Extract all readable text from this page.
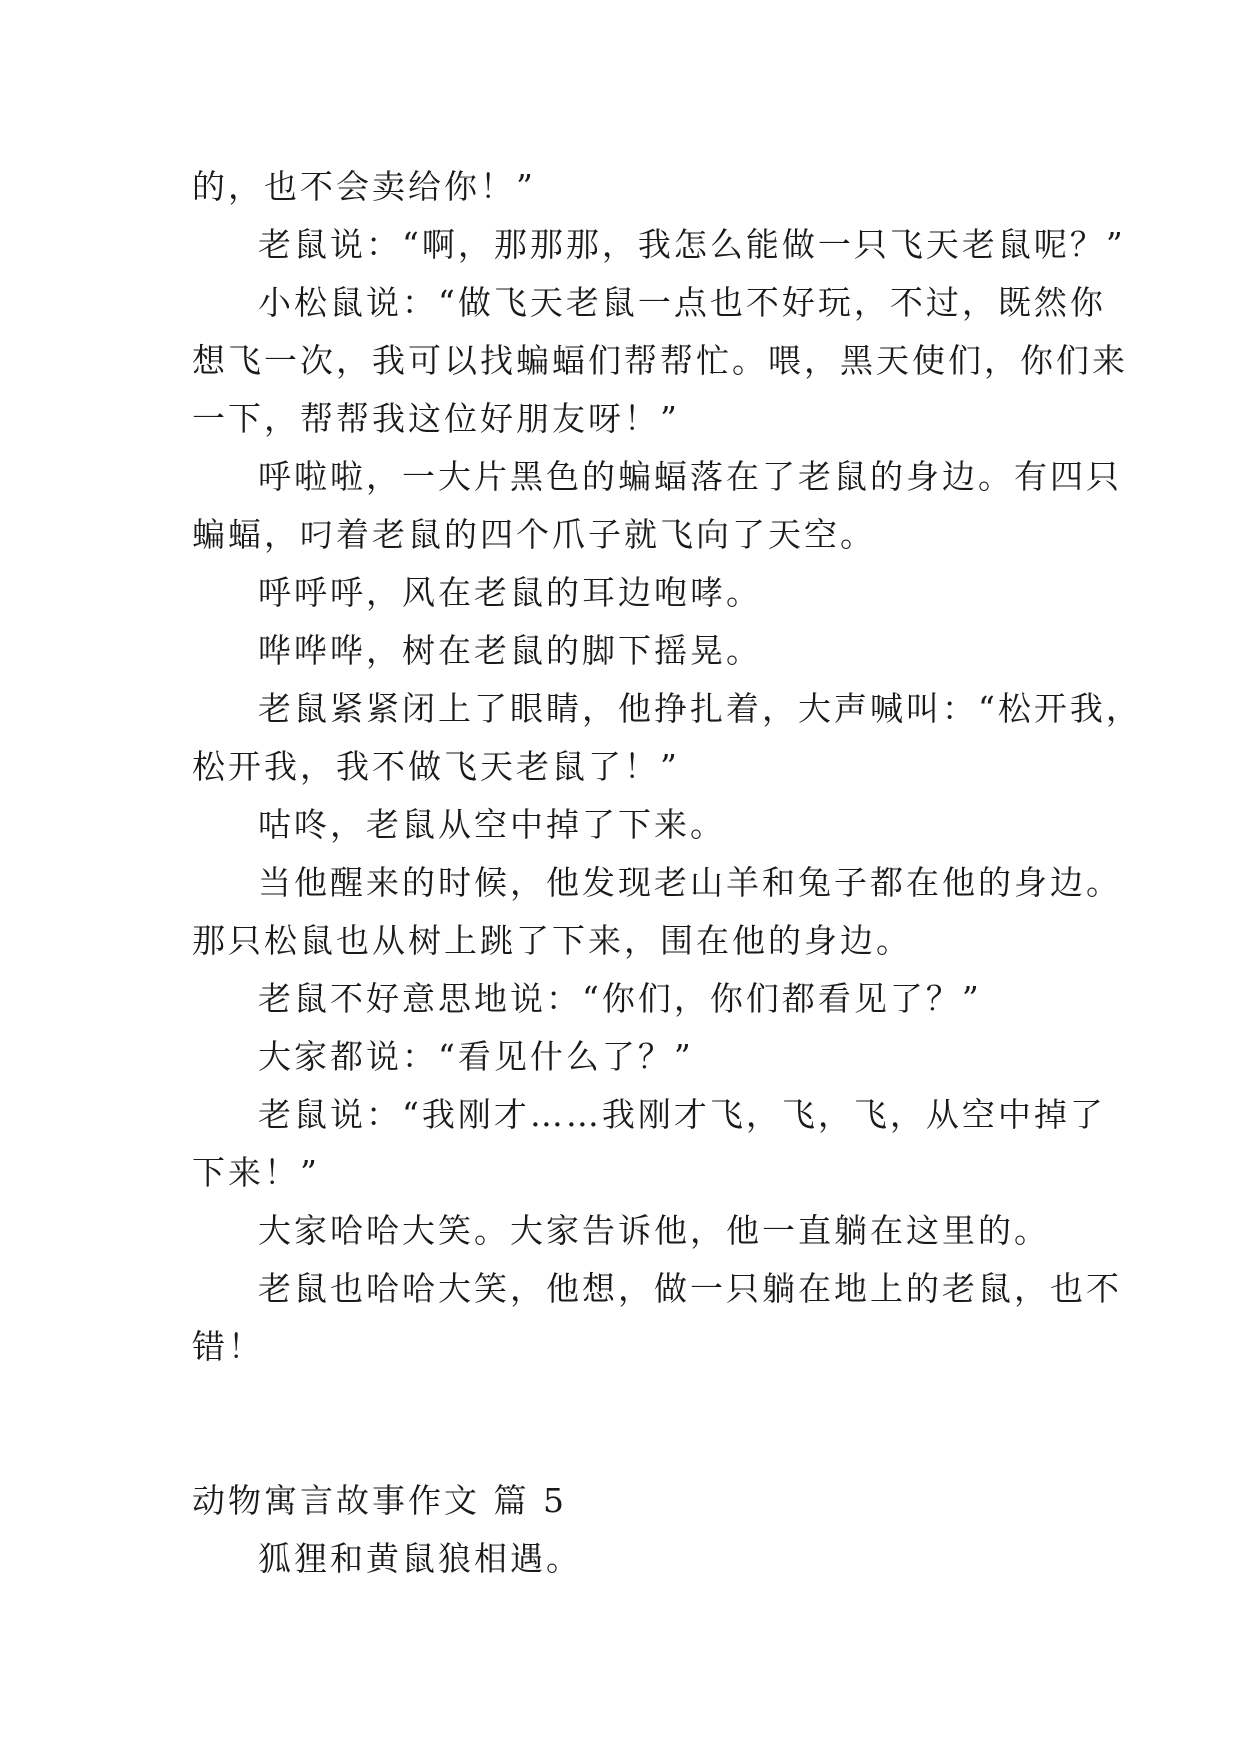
的，也不会卖给你！”
老鼠说：“啊，那那那，我怎么能做一只飞天老鼠呢？”
小松鼠说：“做飞天老鼠一点也不好玩，不过，既然你
想飞一次，我可以找蝙蝠们帮帮忙。喂，黑天使们，你们来
一下，帮帮我这位好朋友呀！”
呼啦啦，一大片黑色的蝙蝠落在了老鼠的身边。有四只
蝙蝠，叼着老鼠的四个爪子就飞向了天空。
呼呼呼，风在老鼠的耳边咆哮。
哗哗哗，树在老鼠的脚下摇晃。
老鼠紧紧闭上了眼睛，他挣扎着，大声喊叫：“松开我，
松开我，我不做飞天老鼠了！”
咕咚，老鼠从空中掉了下来。
当他醒来的时候，他发现老山羊和兔子都在他的身边。
那只松鼠也从树上跳了下来，围在他的身边。
老鼠不好意思地说：“你们，你们都看见了？”
大家都说：“看见什么了？”
老鼠说：“我刚才……我刚才飞，飞，飞，从空中掉了
下来！”
大家哈哈大笑。大家告诉他，他一直躺在这里的。
老鼠也哈哈大笑，他想，做一只躺在地上的老鼠，也不
错！
动物寓言故事作文 篇 5
狐狸和黄鼠狼相遇。
